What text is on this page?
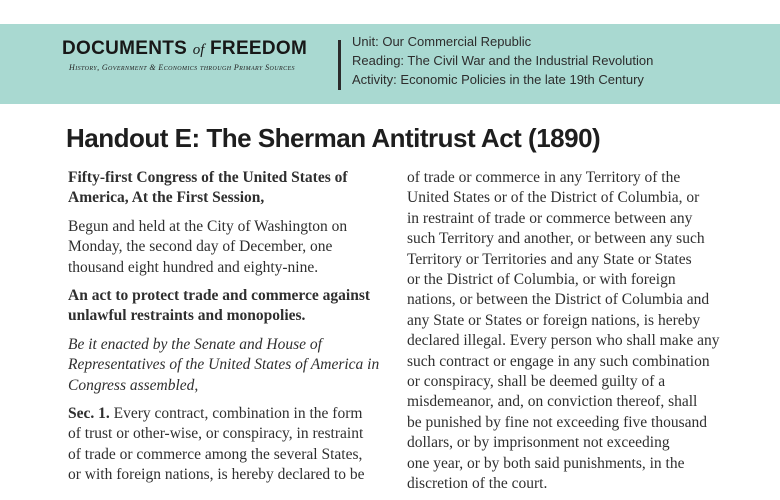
DOCUMENTS of FREEDOM
History, Government & Economics through Primary Sources
Unit: Our Commercial Republic
Reading: The Civil War and the Industrial Revolution
Activity: Economic Policies in the late 19th Century
Handout E: The Sherman Antitrust Act (1890)

Fifty-first Congress of the United States of
America, At the First Session,

Begun and held at the City of Washington on
Monday, the second day of December, one
thousand eight hundred and eighty-nine.

An act to protect trade and commerce against
unlawful restraints and monopolies.

Be it enacted by the Senate and House of
Representatives of the United States of America in
Congress assembled,

Sec. 1. Every contract, combination in the form
of trust or other-wise, or conspiracy, in restraint
of trade or commerce among the several States,
or with foreign nations, is hereby declared to be

of trade or commerce in any Territory of the
United States or of the District of Columbia, or
in restraint of trade or commerce between any
such Territory and another, or between any such
Territory or Territories and any State or States
or the District of Columbia, or with foreign
nations, or between the District of Columbia and
any State or States or foreign nations, is hereby
declared illegal. Every person who shall make any
such contract or engage in any such combination
or conspiracy, shall be deemed guilty of a
misdemeanor, and, on conviction thereof, shall
be punished by fine not exceeding five thousand
dollars, or by imprisonment not exceeding
one year, or by both said punishments, in the
discretion of the court.
